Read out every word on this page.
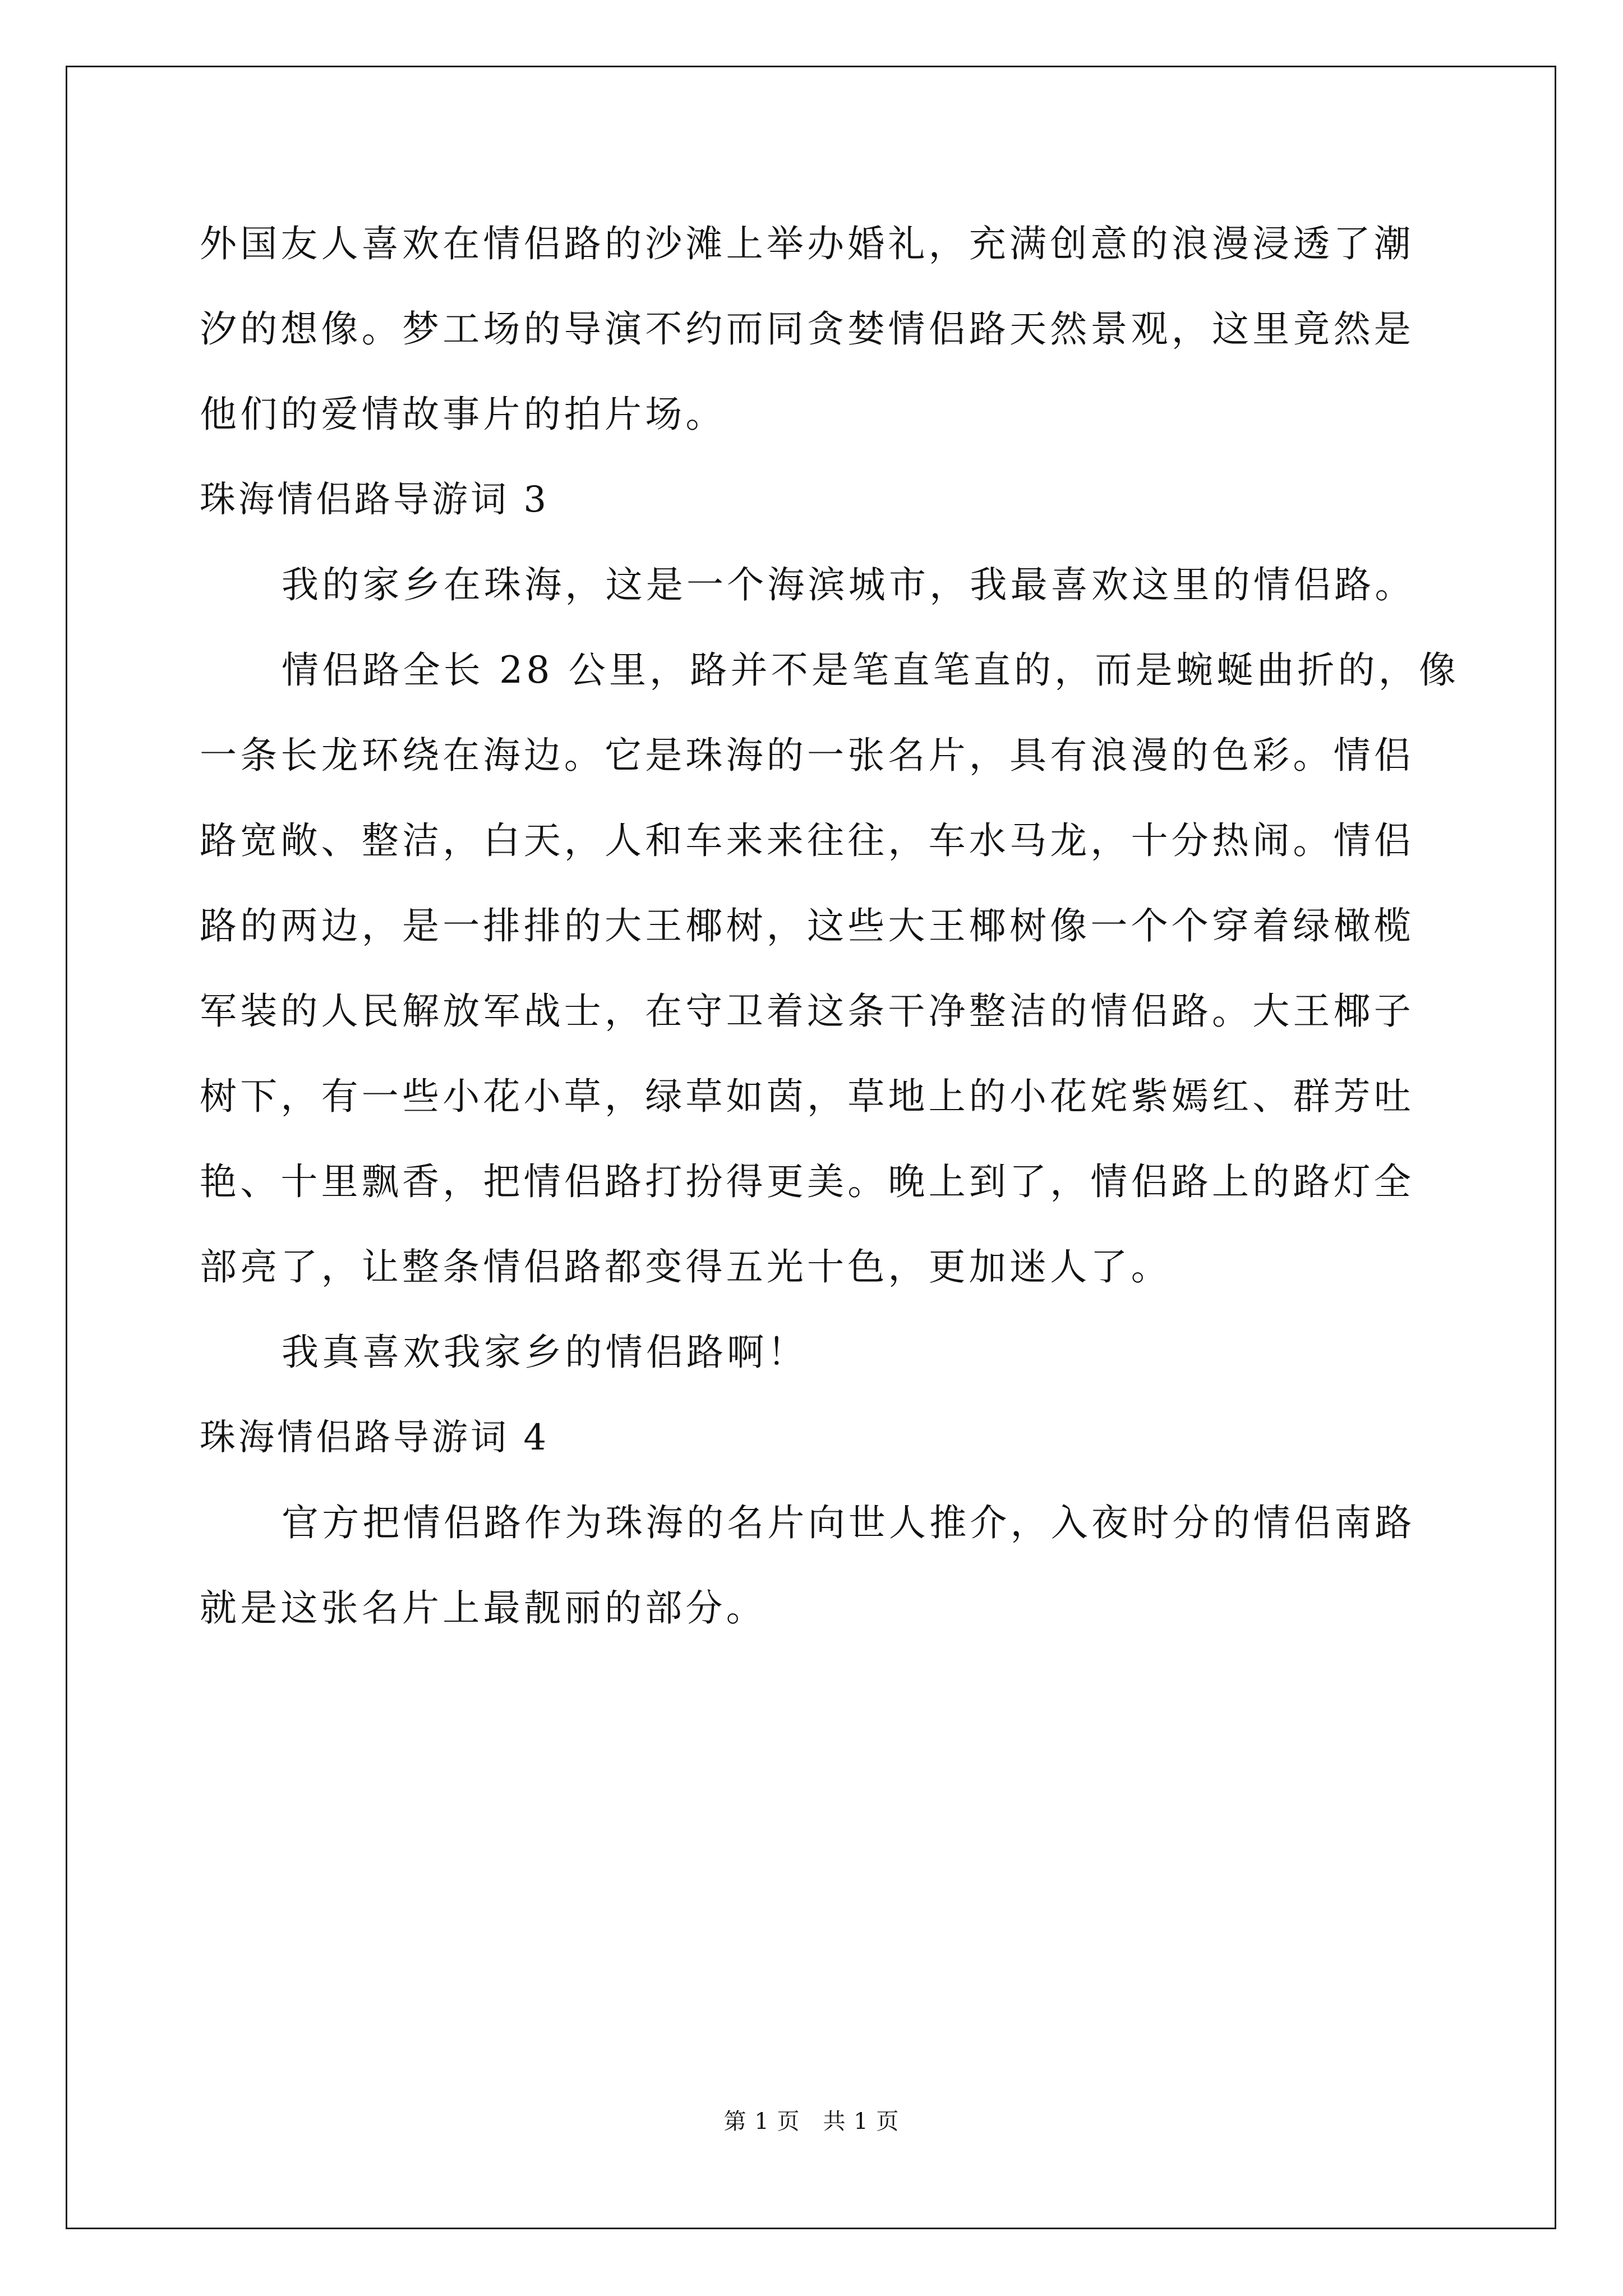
外国友人喜欢在情侣路的沙滩上举办婚礼，充满创意的浪漫浸透了潮
汐的想像。梦工场的导演不约而同贪婪情侣路天然景观，这里竟然是
他们的爱情故事片的拍片场。
珠海情侣路导游词 3
我的家乡在珠海，这是一个海滨城市，我最喜欢这里的情侣路。
情侣路全长 28 公里，路并不是笔直笔直的，而是蜿蜒曲折的，像
一条长龙环绕在海边。它是珠海的一张名片，具有浪漫的色彩。情侣
路宽敞、整洁，白天，人和车来来往往，车水马龙，十分热闹。情侣
路的两边，是一排排的大王椰树，这些大王椰树像一个个穿着绿橄榄
军装的人民解放军战士，在守卫着这条干净整洁的情侣路。大王椰子
树下，有一些小花小草，绿草如茵，草地上的小花姹紫嫣红、群芳吐
艳、十里飘香，把情侣路打扮得更美。晚上到了，情侣路上的路灯全
部亮了，让整条情侣路都变得五光十色，更加迷人了。
我真喜欢我家乡的情侣路啊！
珠海情侣路导游词 4
官方把情侣路作为珠海的名片向世人推介，入夜时分的情侣南路
就是这张名片上最靓丽的部分。
第 1 页　共 1 页
